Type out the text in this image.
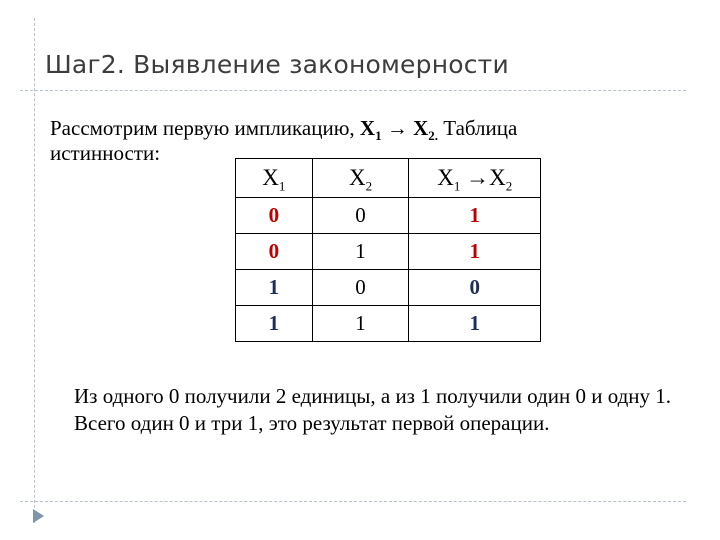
Шаг2. Выявление закономерности
Рассмотрим первую импликацию, $X_1 \to X_{2.}$ Таблица
истинности:
$X_1$	$X_2$	$X_1 \to X_2$
0	0	1
0	1	1
1	0	0
1	1	1

Из одного 0 получили 2 единицы, а из 1 получили один 0 и одну 1. Всего один 0 и три 1, это результат первой операции.
